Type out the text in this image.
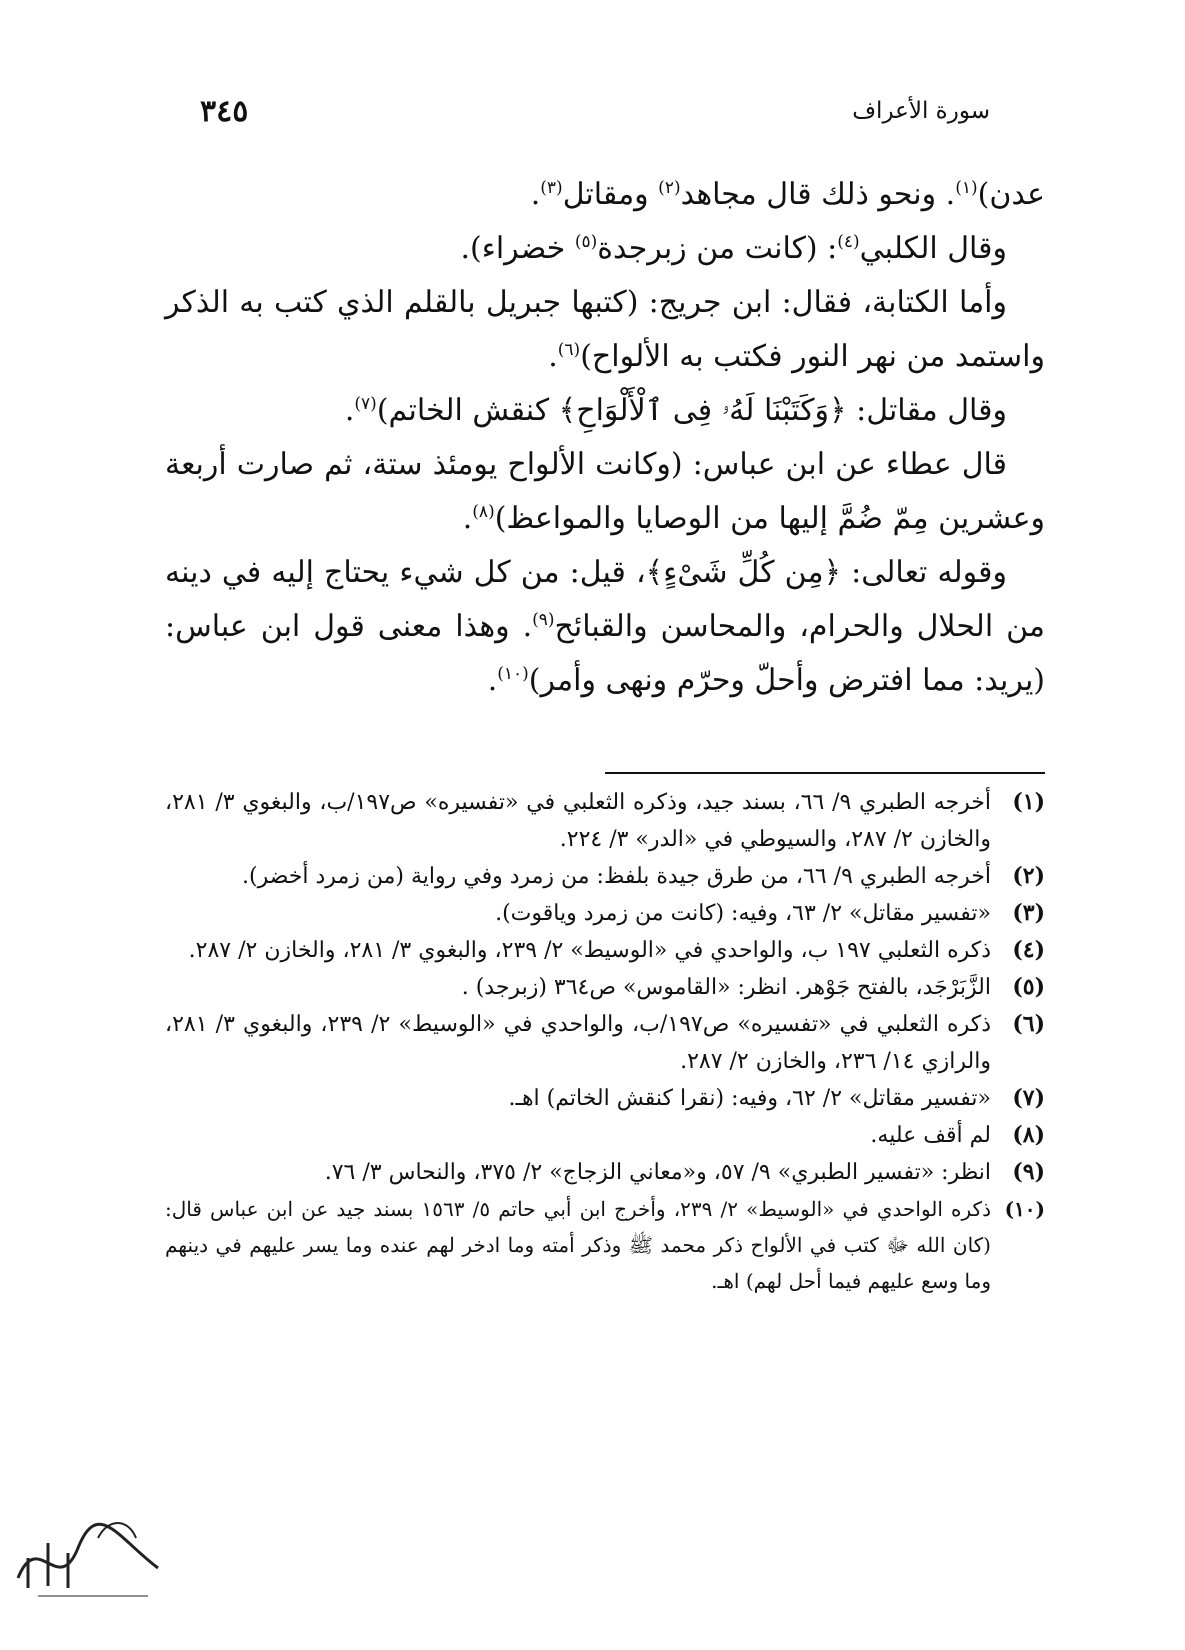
٣٤٥	سورة الأعراف

عدن)$^{(١)}$. ونحو ذلك قال مجاهد$^{(٢)}$ ومقاتل$^{(٣)}$.

وقال الكلبي$^{(٤)}$: (كانت من زبرجدة$^{(٥)}$ خضراء).

وأما الكتابة، فقال: ابن جريج: (كتبها جبريل بالقلم الذي كتب به الذكر واستمد من نهر النور فكتب به الألواح)$^{(٦)}$.

وقال مقاتل: ﴿وَكَتَبْنَا لَهُۥ فِى ٱلْأَلْوَاحِ﴾ كنقش الخاتم)$^{(٧)}$.

قال عطاء عن ابن عباس: (وكانت الألواح يومئذ ستة، ثم صارت أربعة وعشرين مِمّ ضُمَّ إليها من الوصايا والمواعظ)$^{(٨)}$.

وقوله تعالى: ﴿مِن كُلِّ شَىْءٍ﴾، قيل: من كل شيء يحتاج إليه في دينه من الحلال والحرام، والمحاسن والقبائح$^{(٩)}$. وهذا معنى قول ابن عباس: (يريد: مما افترض وأحلّ وحرّم ونهى وأمر)$^{(١٠)}$.

(١)
أخرجه الطبري ٩/ ٦٦، بسند جيد، وذكره الثعلبي في «تفسيره» ص١٩٧/ب، والبغوي ٣/ ٢٨١، والخازن ٢/ ٢٨٧، والسيوطي في «الدر» ٣/ ٢٢٤.
(٢)
أخرجه الطبري ٩/ ٦٦، من طرق جيدة بلفظ: من زمرد وفي رواية (من زمرد أخضر).
(٣)
«تفسير مقاتل» ٢/ ٦٣، وفيه: (كانت من زمرد وياقوت).
(٤)
ذكره الثعلبي ١٩٧ ب، والواحدي في «الوسيط» ٢/ ٢٣٩، والبغوي ٣/ ٢٨١، والخازن ٢/ ٢٨٧.
(٥)
الزَّبَرْجَد، بالفتح جَوْهر. انظر: «القاموس» ص٣٦٤ (زبرجد) .
(٦)
ذكره الثعلبي في «تفسيره» ص١٩٧/ب، والواحدي في «الوسيط» ٢/ ٢٣٩، والبغوي ٣/ ٢٨١، والرازي ١٤/ ٢٣٦، والخازن ٢/ ٢٨٧.
(٧)
«تفسير مقاتل» ٢/ ٦٢، وفيه: (نقرا كنقش الخاتم) اهـ.
(٨)
لم أقف عليه.
(٩)
انظر: «تفسير الطبري» ٩/ ٥٧، و«معاني الزجاج» ٢/ ٣٧٥، والنحاس ٣/ ٧٦.
(١٠)
ذكره الواحدي في «الوسيط» ٢/ ٢٣٩، وأخرج ابن أبي حاتم ٥/ ١٥٦٣ بسند جيد عن ابن عباس قال: (كان الله ﷻ كتب في الألواح ذكر محمد ﷺ وذكر أمته وما ادخر لهم عنده وما يسر عليهم في دينهم وما وسع عليهم فيما أحل لهم) اهـ.
